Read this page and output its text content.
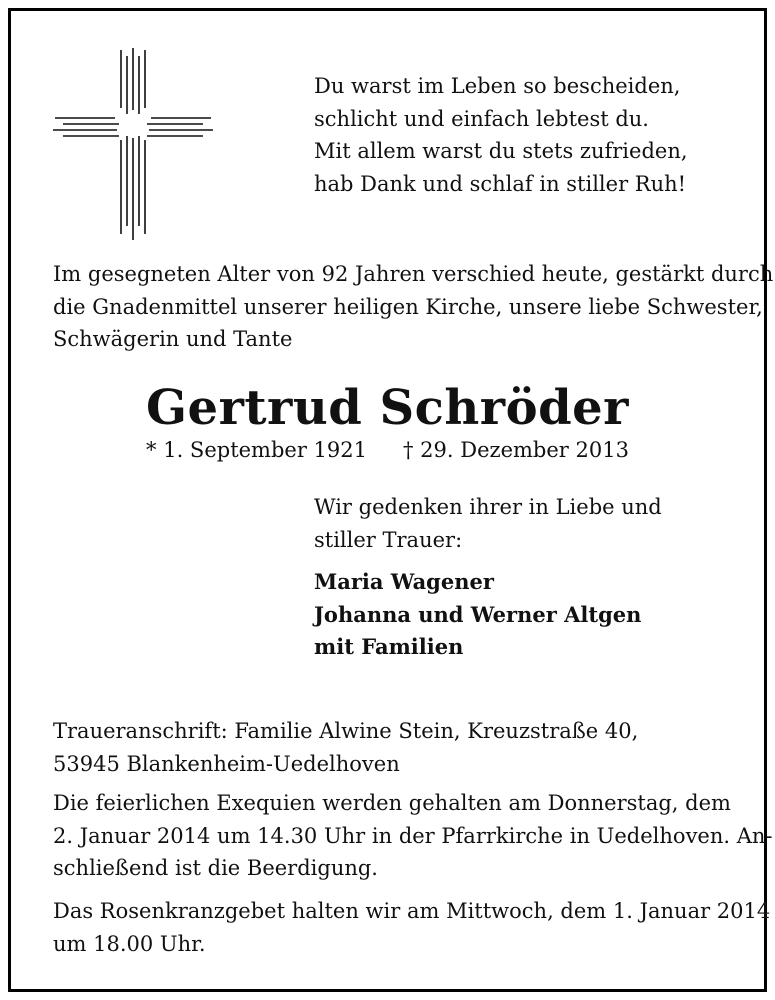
Du warst im Leben so bescheiden,
schlicht und einfach lebtest du.
Mit allem warst du stets zufrieden,
hab Dank und schlaf in stiller Ruh!
Im gesegneten Alter von 92 Jahren verschied heute, gestärkt durch
die Gnadenmittel unserer heiligen Kirche, unsere liebe Schwester,
Schwägerin und Tante
Gertrud Schröder
* 1. September 1921 † 29. Dezember 2013
Wir gedenken ihrer in Liebe und
stiller Trauer:
Maria Wagener
Johanna und Werner Altgen
mit Familien
Traueranschrift: Familie Alwine Stein, Kreuzstraße 40,
53945 Blankenheim-Uedelhoven
Die feierlichen Exequien werden gehalten am Donnerstag, dem
2. Januar 2014 um 14.30 Uhr in der Pfarrkirche in Uedelhoven. An-
schließend ist die Beerdigung.
Das Rosenkranzgebet halten wir am Mittwoch, dem 1. Januar 2014
um 18.00 Uhr.
